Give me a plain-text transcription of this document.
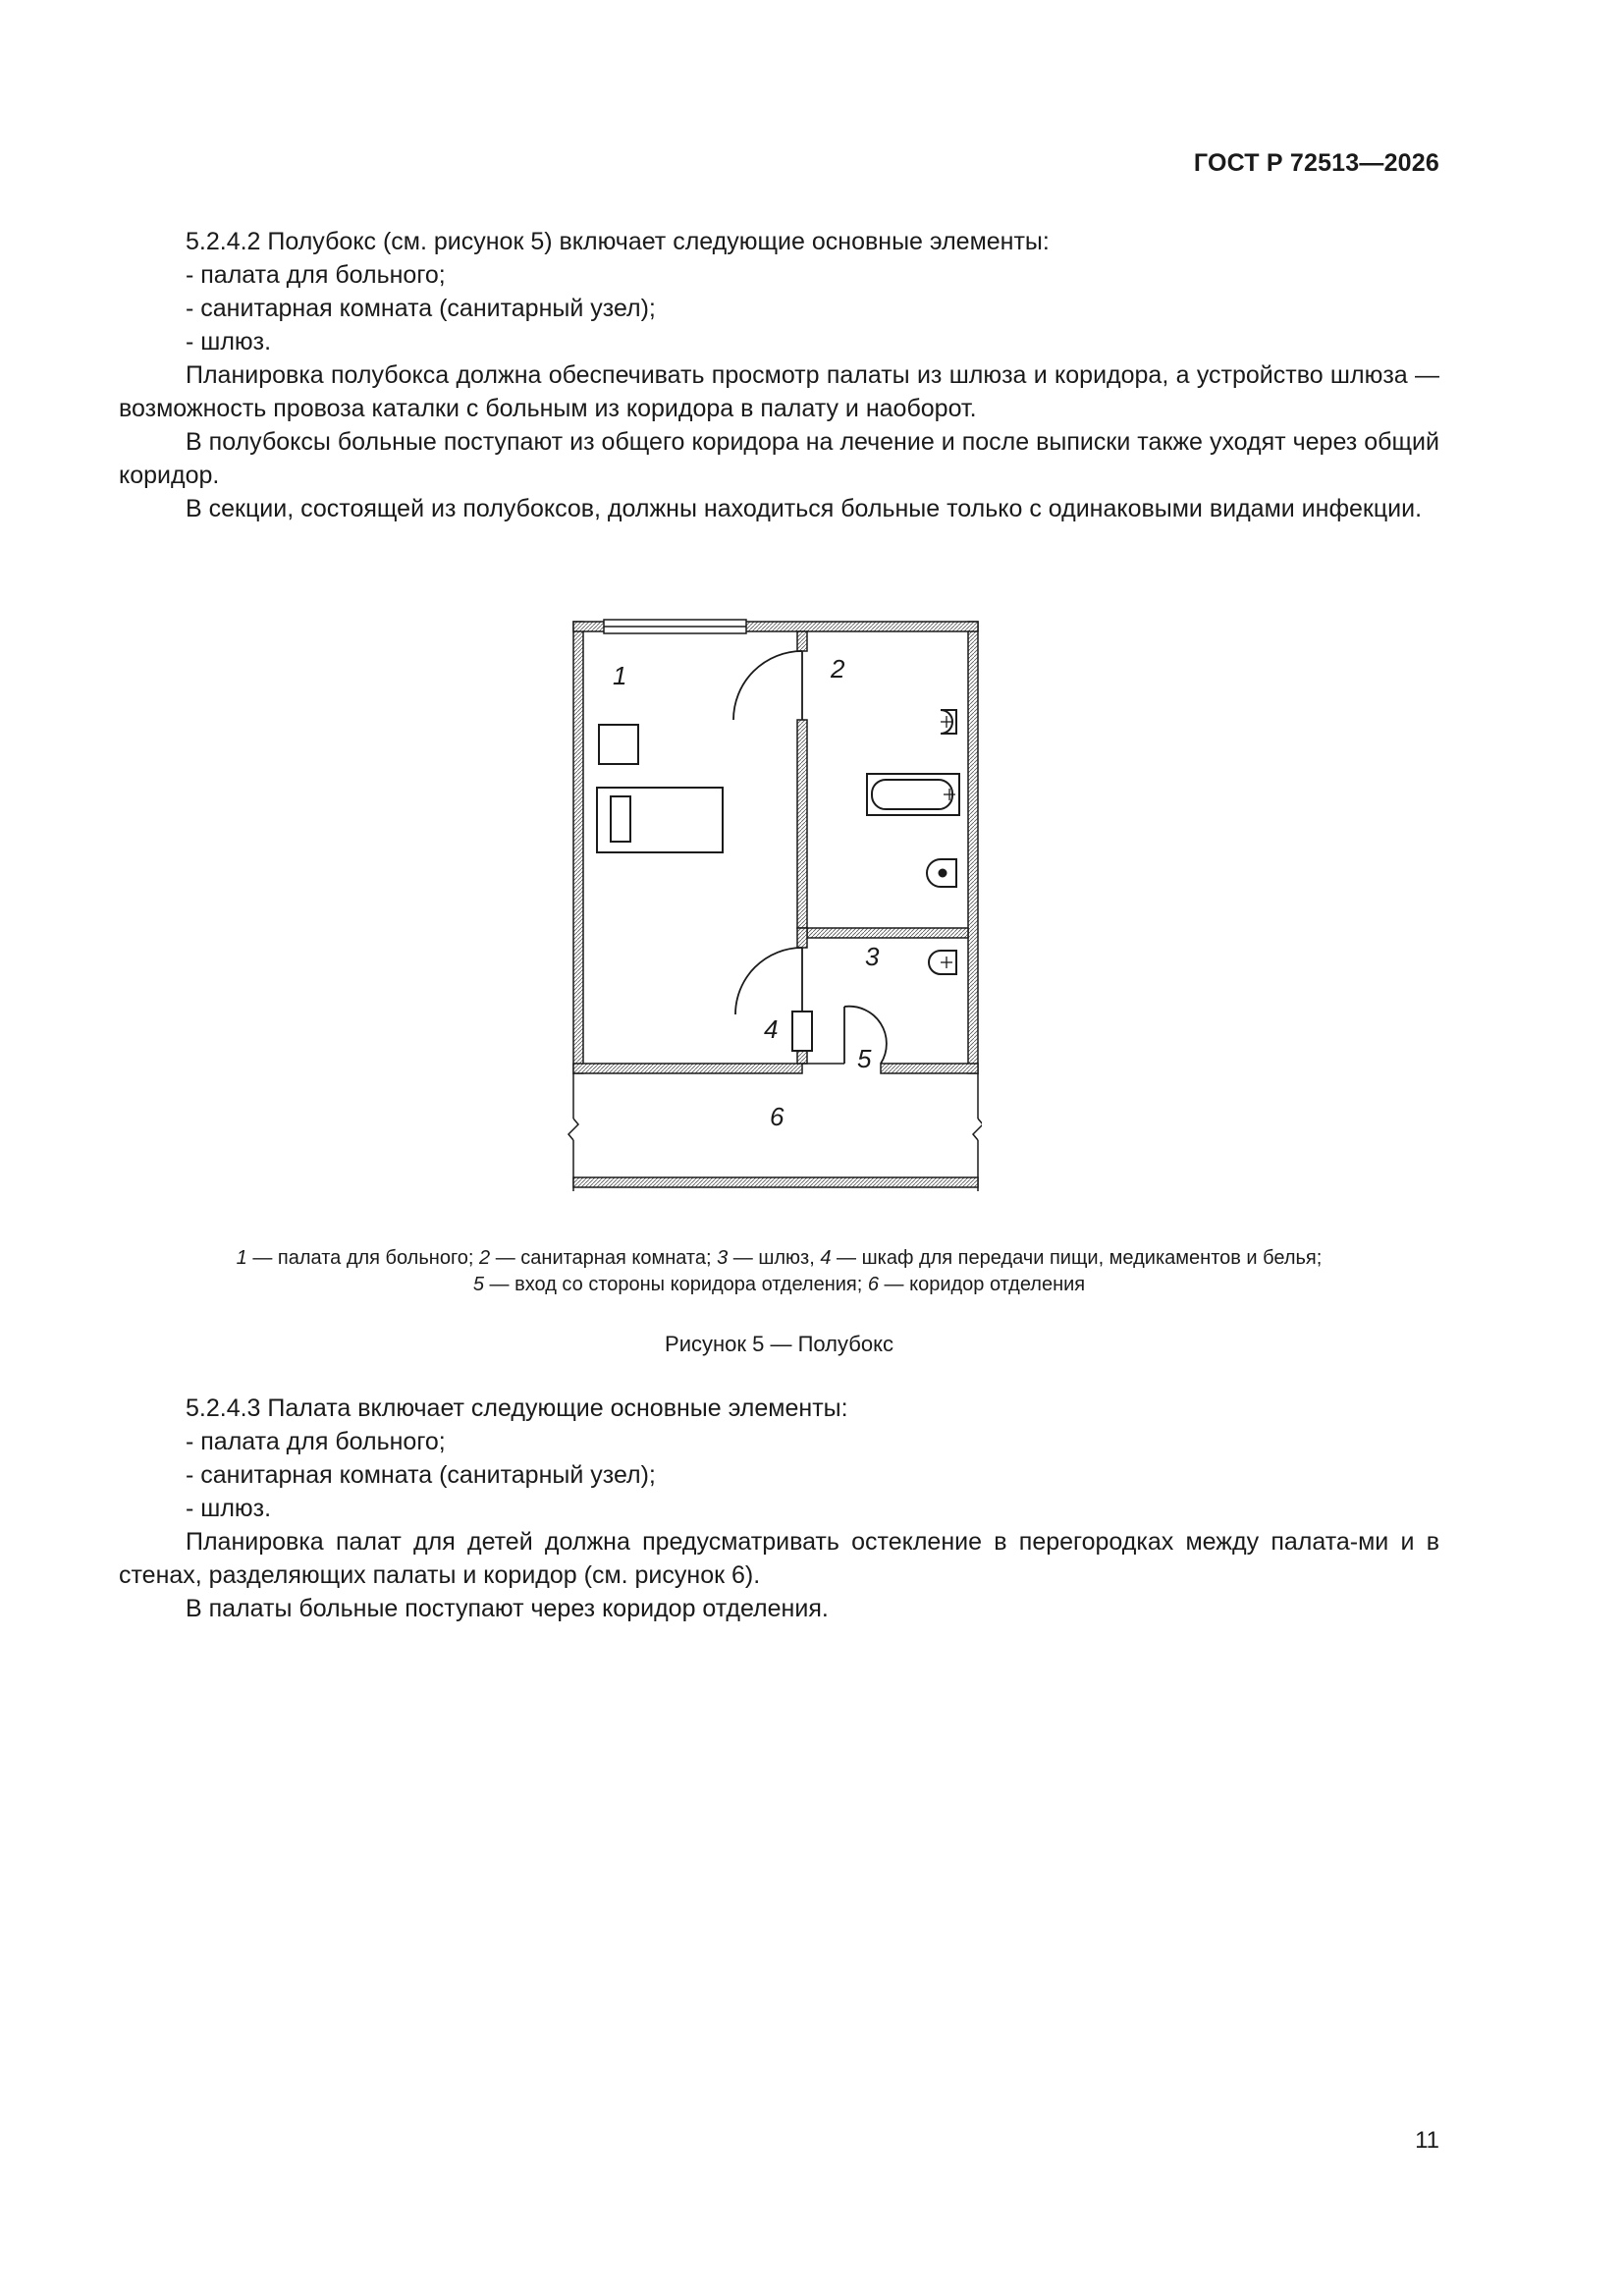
ГОСТ Р 72513—2026

5.2.4.2 Полубокс (см. рисунок 5) включает следующие основные элементы:

- палата для больного;

- санитарная комната (санитарный узел);

- шлюз.

Планировка полубокса должна обеспечивать просмотр палаты из шлюза и коридора, а устройство шлюза — возможность провоза каталки с больным из коридора в палату и наоборот.

В полубоксы больные поступают из общего коридора на лечение и после выписки также уходят через общий коридор.

В секции, состоящей из полубоксов, должны находиться больные только с одинаковыми видами инфекции.

1	2
3
4
5
6

1 — палата для больного; 2 — санитарная комната; 3 — шлюз, 4 — шкаф для передачи пищи, медикаментов и белья;

5 — вход со стороны коридора отделения; 6 — коридор отделения

Рисунок 5 — Полубокс

5.2.4.3 Палата включает следующие основные элементы:

- палата для больного;

- санитарная комната (санитарный узел);

- шлюз.

Планировка палат для детей должна предусматривать остекление в перегородках между палата-ми и в стенах, разделяющих палаты и коридор (см. рисунок 6).

В палаты больные поступают через коридор отделения.

11
